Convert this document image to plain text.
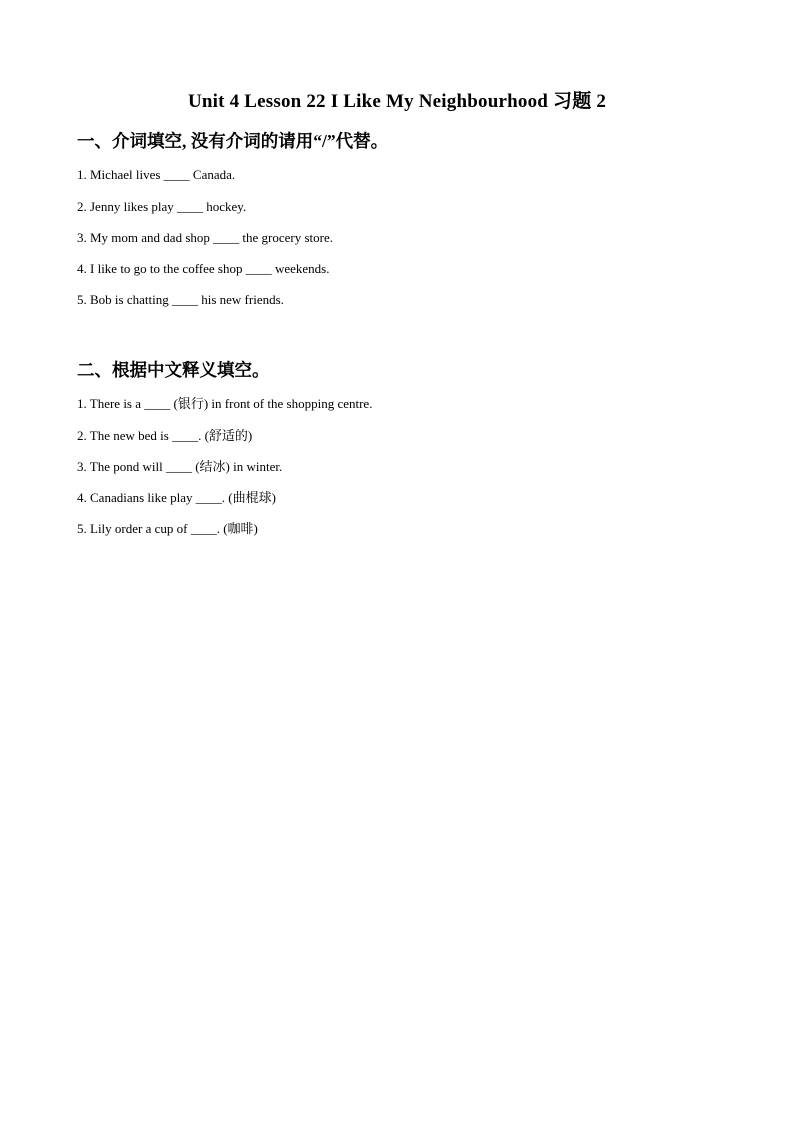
Unit 4 Lesson 22 I Like My Neighbourhood 习题 2
一、介词填空, 没有介词的请用“/”代替。
1. Michael lives ____ Canada.
2. Jenny likes play ____ hockey.
3. My mom and dad shop ____ the grocery store.
4. I like to go to the coffee shop ____ weekends.
5. Bob is chatting ____ his new friends.
二、根据中文释义填空。
1. There is a ____ (银行) in front of the shopping centre.
2. The new bed is ____. (舒适的)
3. The pond will ____ (结冰) in winter.
4. Canadians like play ____. (曲棍球)
5. Lily order a cup of ____. (咖啡)
